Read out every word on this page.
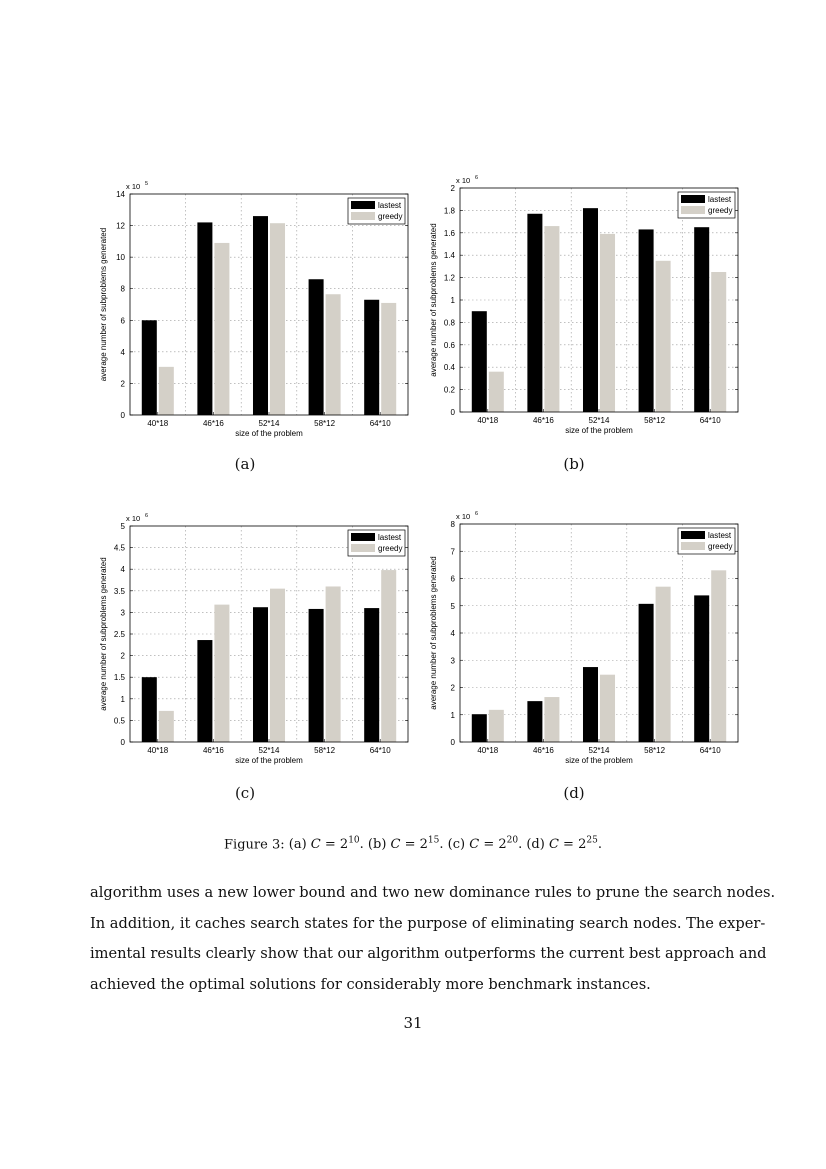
0
2
4
6
8
10
12
14
40*18	46*16	52*14	58*12	64*10
x 10 5
size of the problem
average number of subproblems generated
lastest
greedy
(a)
0
0.2
0.4
0.6
0.8
1
1.2
1.4
1.6
1.8
2
40*18	46*16	52*14	58*12	64*10
x 10 6
size of the problem
average number of subproblems generated
lastest
greedy
(b)
0
0.5
1
1.5
2
2.5
3
3.5
4
4.5
5
40*18	46*16	52*14	58*12	64*10
x 10 6
size of the problem
average number of subproblems generated
lastest
greedy
(c)
0
1
2
3
4
5
6
7
8
40*18	46*16	52*14	58*12	64*10
x 10 6
size of the problem
average number of subproblems generated
lastest
greedy
(d)
Figure 3: (a) $C = 2^{10}$. (b) $C = 2^{15}$. (c) $C = 2^{20}$. (d) $C = 2^{25}$.
algorithm uses a new lower bound and two new dominance rules to prune the search nodes.
In addition, it caches search states for the purpose of eliminating search nodes. The exper-
imental results clearly show that our algorithm outperforms the current best approach and
achieved the optimal solutions for considerably more benchmark instances.
31
